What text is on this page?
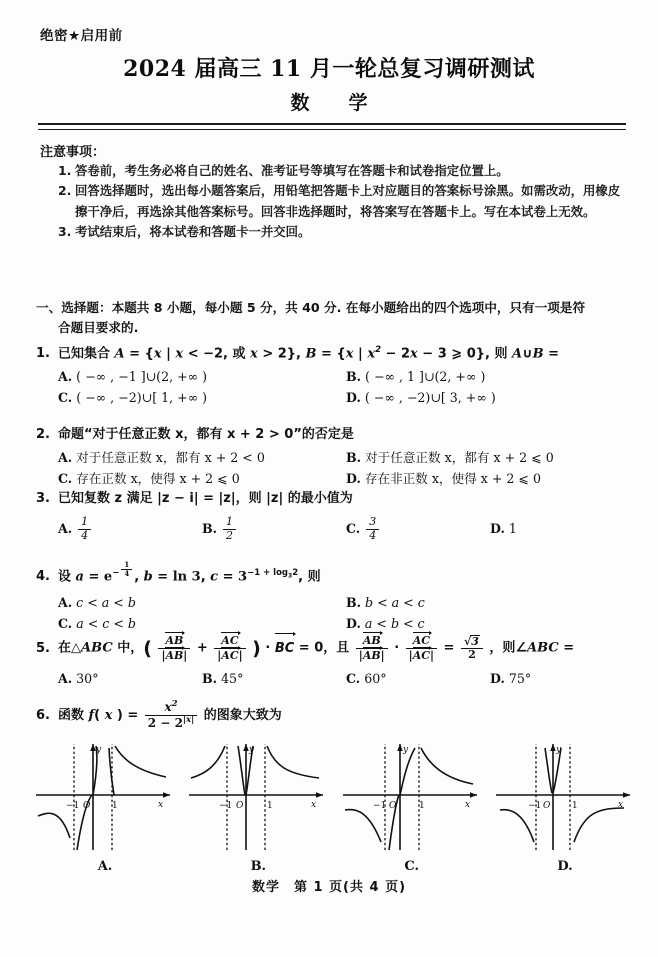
绝密★启用前
2024 届高三 11 月一轮总复习调研测试
数　学
注意事项：
1. 答卷前，考生务必将自己的姓名、准考证号等填写在答题卡和试卷指定位置上。
2. 回答选择题时，选出每小题答案后，用铅笔把答题卡上对应题目的答案标号涂黑。如需改动，用橡皮擦干净后，再选涂其他答案标号。回答非选择题时，将答案写在答题卡上。写在本试卷上无效。
3. 考试结束后，将本试卷和答题卡一并交回。
一、选择题：本题共 8 小题，每小题 5 分，共 40 分. 在每小题给出的四个选项中，只有一项是符
合题目要求的.
1. 已知集合 A = {x | x < −2, 或 x > 2}, B = {x | $x^2 - 2x - 3$ ⩾ 0}, 则 A∪B =
A. ( −∞ , −1 ]∪(2, +∞ )	B. ( −∞ , 1 ]∪(2, +∞ )
C. ( −∞ , −2)∪[ 1, +∞ )	D. ( −∞ , −2)∪[ 3, +∞ )
2. 命题“对于任意正数 x，都有 x + 2 > 0”的否定是
A. 对于任意正数 x，都有 x + 2 < 0	B. 对于任意正数 x，都有 x + 2 ⩽ 0
C. 存在正数 x，使得 x + 2 ⩽ 0	D. 存在非正数 x，使得 x + 2 ⩽ 0
3. 已知复数 z 满足 |z − i| = |z|，则 |z| 的最小值为
A. $\frac{1}{4}$	B. $\frac{1}{2}$	C. $\frac{3}{4}$	D. 1
4. 设 $a = e^{- \frac{1}{4}}$ , b = ln 3, $c = 3^{-1 + log_32}$, 则
A. c < a < b	B. b < a < c
C. a < c < b	D. a < b < c
5. 在△ABC 中，( $\frac{AB}{|AB|} + \frac{AC}{|AC|}$ ) · BC = 0，且 $\frac{AB}{|AB|} \cdot \frac{AC}{|AC|} = \frac{√3}{2}$ ，则∠ABC =
A. 30°	B. 45°	C. 60°	D. 75°
6. 函数 f( x ) = $\frac{x^2}{2 - 2^{|x|}}$ 的图象大致为
−1 O 1	x
y
A.
−1 O	1	x
y
B.
−1 O	1	x
y
C.
−1 O 1	x
y
D.
数学　第 1 页(共 4 页)
